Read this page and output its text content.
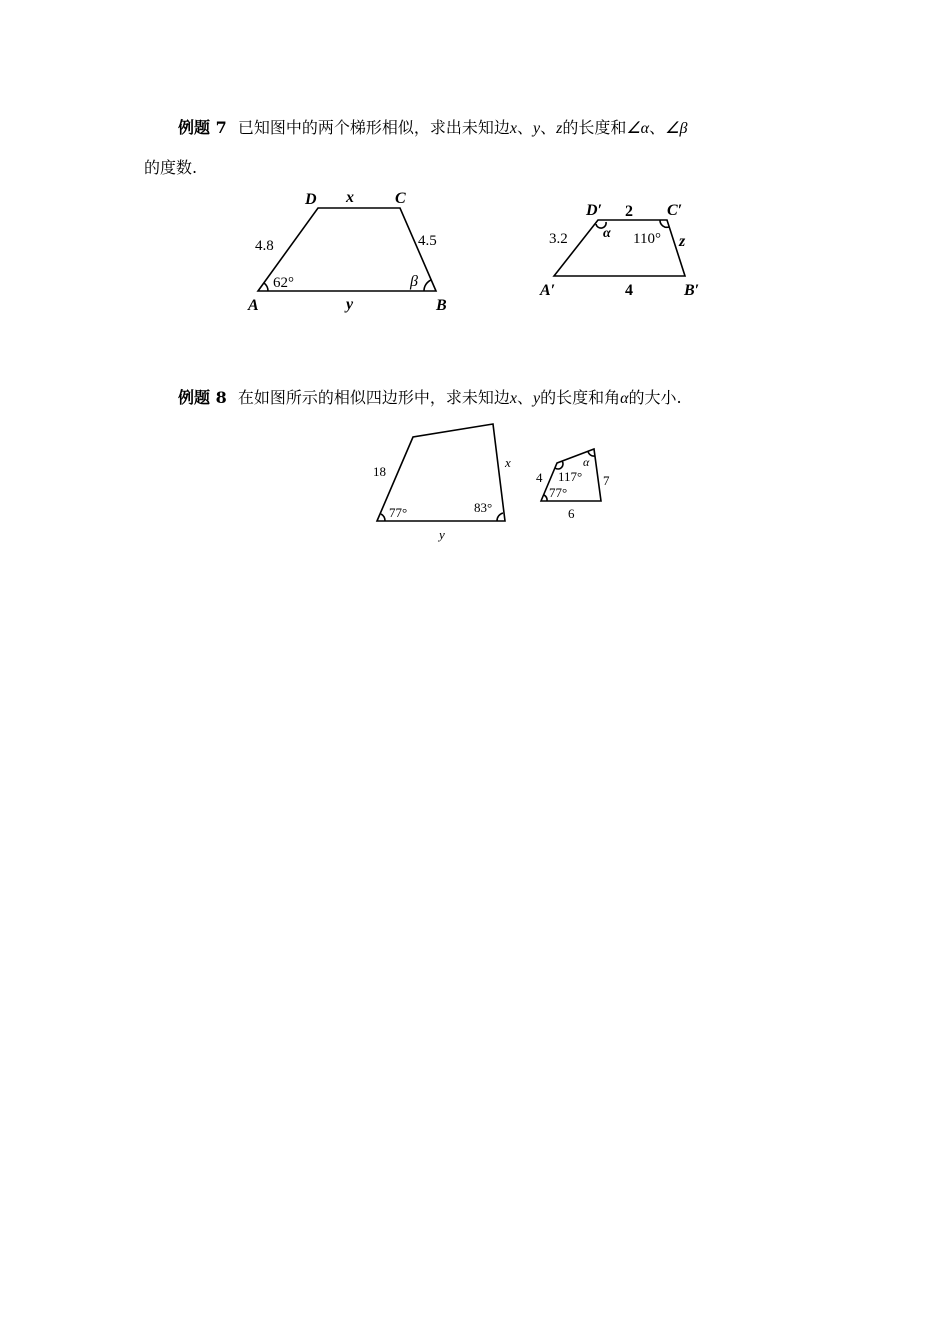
例题 7 已知图中的两个梯形相似，求出未知边x、y、z的长度和∠α、∠β
的度数.
例题 8 在如图所示的相似四边形中，求未知边x、y的长度和角α的大小.
D x	C
4.8	4.5
62°	β
A	y	B
D′ 2 C′
3.2	α 110° z
A′	4	B′
18
x
77°	83°
y
4 117°
α
7
77°
6
